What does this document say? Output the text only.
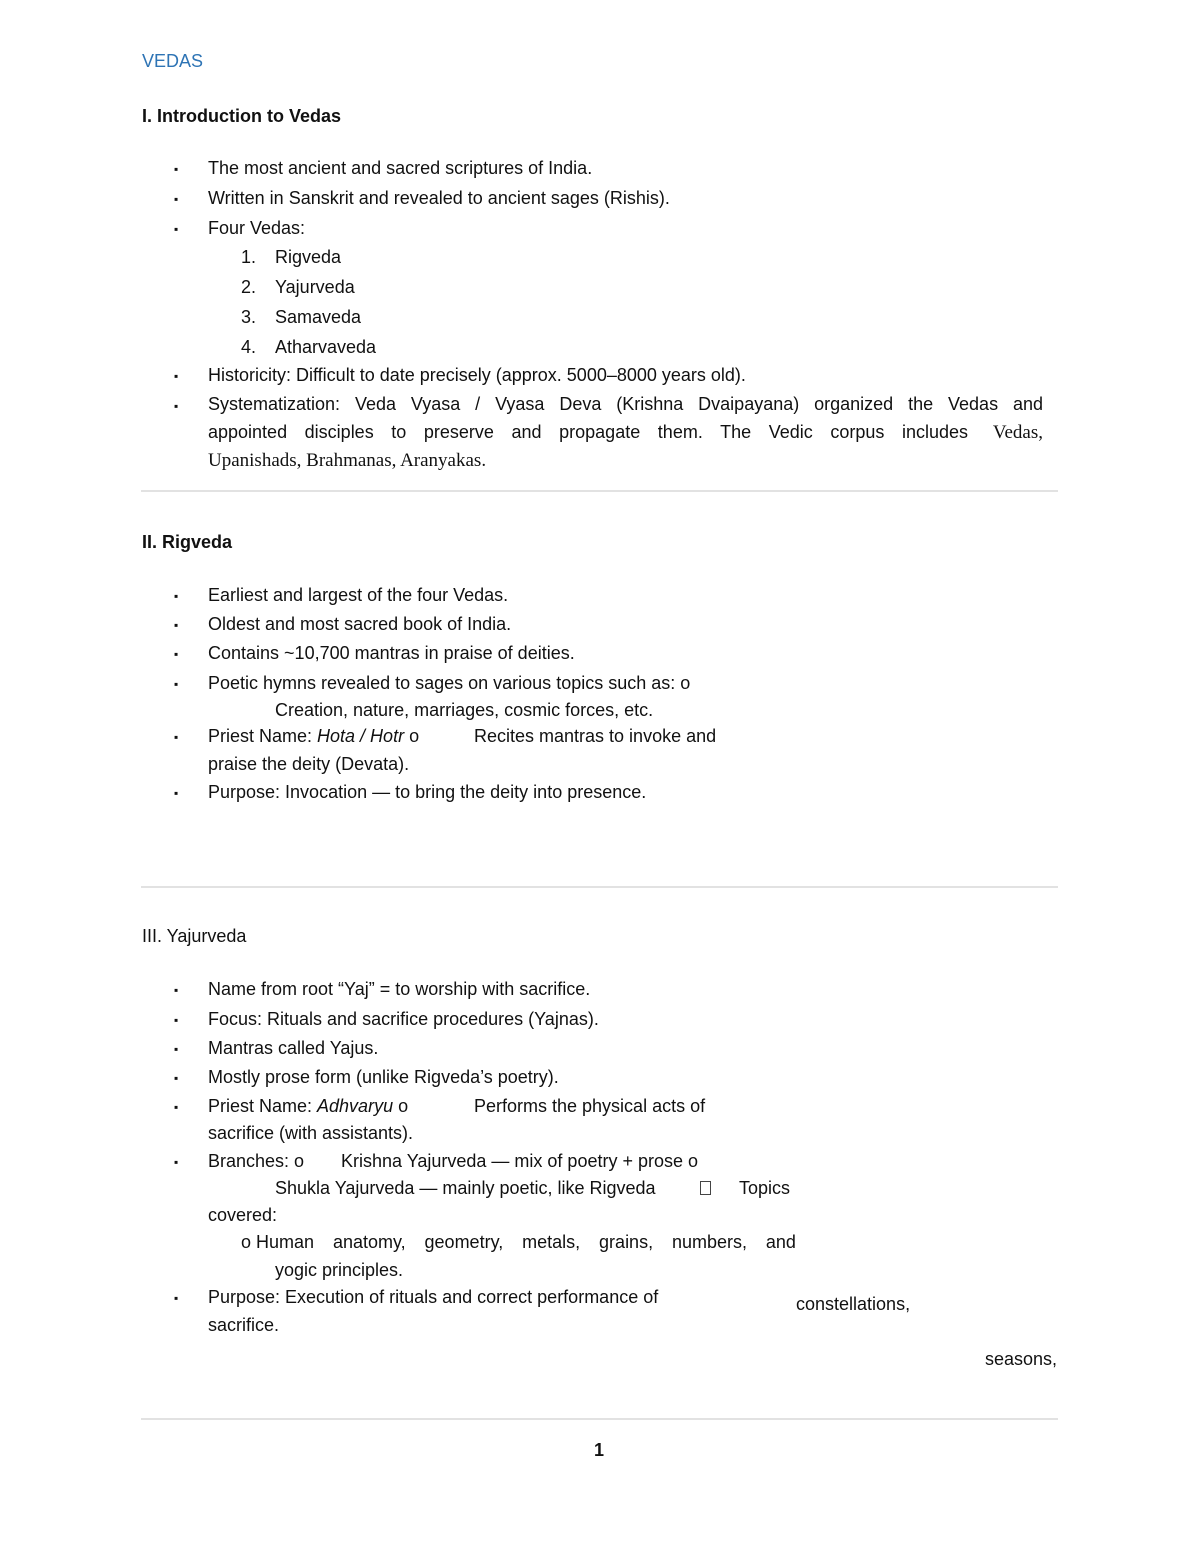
VEDAS
I. Introduction to Vedas
▪ The most ancient and sacred scriptures of India.
▪ Written in Sanskrit and revealed to ancient sages (Rishis).
▪ Four Vedas:
1. Rigveda
2. Yajurveda
3. Samaveda
4. Atharvaveda
▪ Historicity: Difficult to date precisely (approx. 5000–8000 years old).
▪ Systematization: Veda Vyasa / Vyasa Deva (Krishna Dvaipayana) organized the Vedas and
appointed disciples to preserve and propagate them. The Vedic corpus includes Vedas,
Upanishads, Brahmanas, Aranyakas.
II. Rigveda
▪ Earliest and largest of the four Vedas.
▪ Oldest and most sacred book of India.
▪ Contains ~10,700 mantras in praise of deities.
▪ Poetic hymns revealed to sages on various topics such as: o
Creation, nature, marriages, cosmic forces, etc.
▪ Priest Name: Hota / Hotr o	Recites mantras to invoke and
praise the deity (Devata).
▪ Purpose: Invocation — to bring the deity into presence.
III. Yajurveda
▪ Name from root “Yaj” = to worship with sacrifice.
▪ Focus: Rituals and sacrifice procedures (Yajnas).
▪ Mantras called Yajus.
▪ Mostly prose form (unlike Rigveda’s poetry).
▪ Priest Name: Adhvaryu o	Performs the physical acts of
sacrifice (with assistants).
▪ Branches: o Krishna Yajurveda — mix of poetry + prose o
Shukla Yajurveda — mainly poetic, like Rigveda	Topics
covered:
o Human anatomy, geometry, metals, grains, numbers, and
yogic principles.
▪ Purpose: Execution of rituals and correct performance of
sacrifice.
constellations,
seasons,
1
